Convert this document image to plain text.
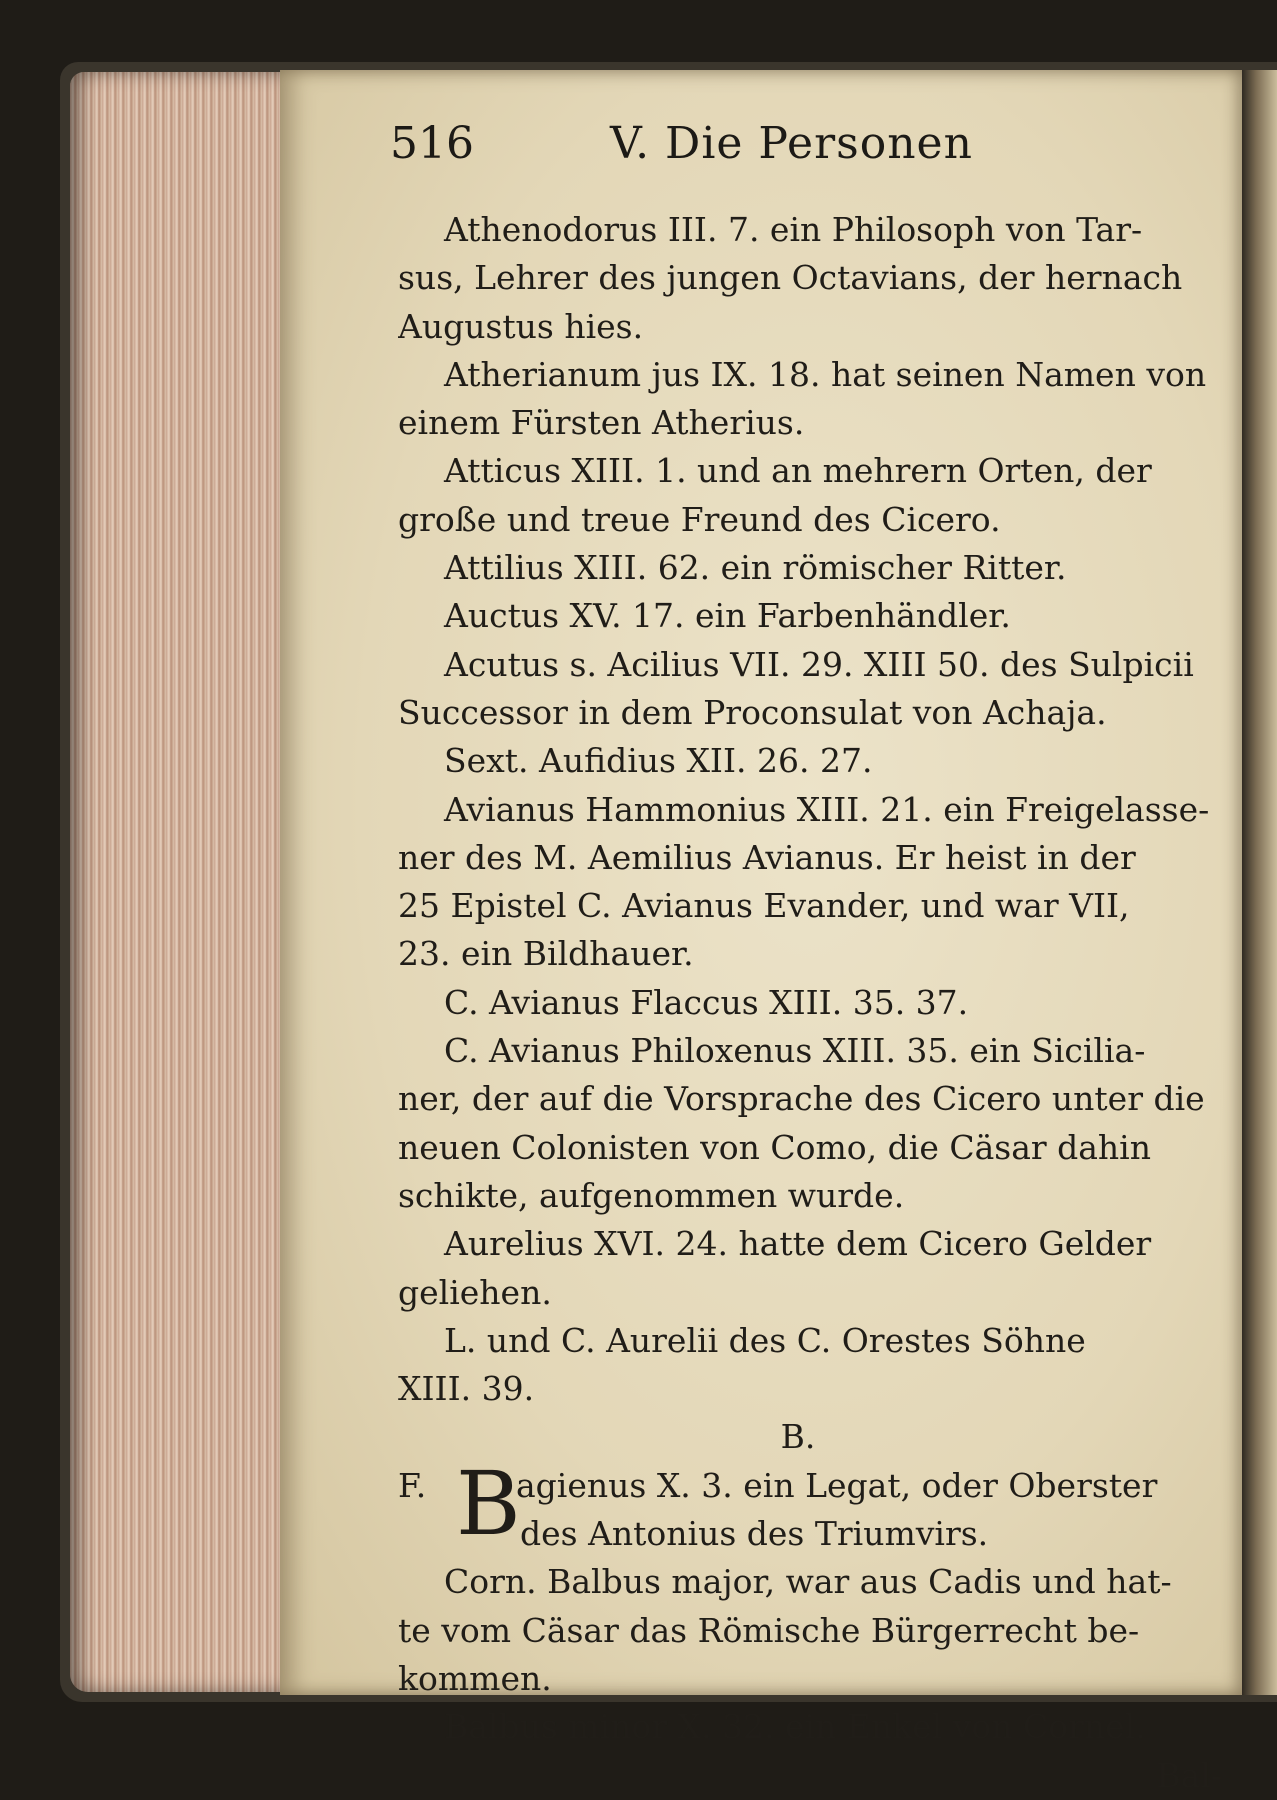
516	V. Die Personen
Athenodorus III. 7. ein Philosoph von Tar-
sus, Lehrer des jungen Octavians, der hernach
Augustus hies.
Atherianum jus IX. 18. hat seinen Namen von
einem Fürsten Atherius.
Atticus XIII. 1. und an mehrern Orten, der
große und treue Freund des Cicero.
Attilius XIII. 62. ein römischer Ritter.
Auctus XV. 17. ein Farbenhändler.
Acutus s. Acilius VII. 29. XIII 50. des Sulpicii
Successor in dem Proconsulat von Achaja.
Sext. Aufidius XII. 26. 27.
Avianus Hammonius XIII. 21. ein Freigelasse-
ner des M. Aemilius Avianus. Er heist in der
25 Epistel C. Avianus Evander, und war VII,
23. ein Bildhauer.
C. Avianus Flaccus XIII. 35. 37.
C. Avianus Philoxenus XIII. 35. ein Sicilia-
ner, der auf die Vorsprache des Cicero unter die
neuen Colonisten von Como, die Cäsar dahin
schikte, aufgenommen wurde.
Aurelius XVI. 24. hatte dem Cicero Gelder
geliehen.
L. und C. Aurelii des C. Orestes Söhne
XIII. 39.
B.
F. B
agienus X. 3. ein Legat, oder Oberster
des Antonius des Triumvirs.
Corn. Balbus major, war aus Cadis und hat-
te vom Cäsar das Römische Bürgerrecht be-
kommen.
Balbus minor X. 32. ein Enkel von Cornel.
Bal-
